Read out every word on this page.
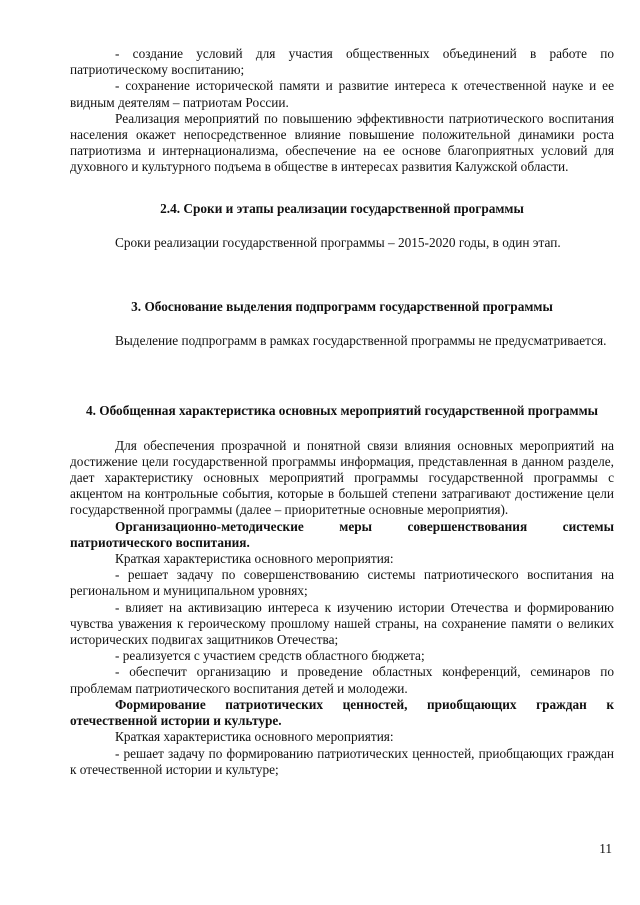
- создание условий для участия общественных объединений в работе по патриотическому воспитанию;

- сохранение исторической памяти и развитие интереса к отечественной науке и ее видным деятелям – патриотам России.

Реализация мероприятий по повышению эффективности патриотического воспитания населения окажет непосредственное влияние повышение положительной динамики роста патриотизма и интернационализма, обеспечение на ее основе благоприятных условий для духовного и культурного подъема в обществе в интересах развития Калужской области.

2.4. Сроки и этапы реализации государственной программы

Сроки реализации государственной программы – 2015-2020 годы, в один этап.

3. Обоснование выделения подпрограмм государственной программы

Выделение подпрограмм в рамках государственной программы не предусматривается.

4. Обобщенная характеристика основных мероприятий государственной программы

Для обеспечения прозрачной и понятной связи влияния основных мероприятий на достижение цели государственной программы информация, представленная в данном разделе, дает характеристику основных мероприятий программы государственной программы с акцентом на контрольные события, которые в большей степени затрагивают достижение цели государственной программы (далее – приоритетные основные мероприятия).

Организационно-методические меры совершенствования системы патриотического воспитания.

Краткая характеристика основного мероприятия:

- решает задачу по совершенствованию системы патриотического воспитания на региональном и муниципальном уровнях;

- влияет на активизацию интереса к изучению истории Отечества и формированию чувства уважения к героическому прошлому нашей страны, на сохранение памяти о великих исторических подвигах защитников Отечества;

- реализуется с участием средств областного бюджета;

- обеспечит организацию и проведение областных конференций, семинаров по проблемам патриотического воспитания детей и молодежи.

Формирование патриотических ценностей, приобщающих граждан к отечественной истории и культуре.

Краткая характеристика основного мероприятия:

- решает задачу по формированию патриотических ценностей, приобщающих граждан к отечественной истории и культуре;

11
